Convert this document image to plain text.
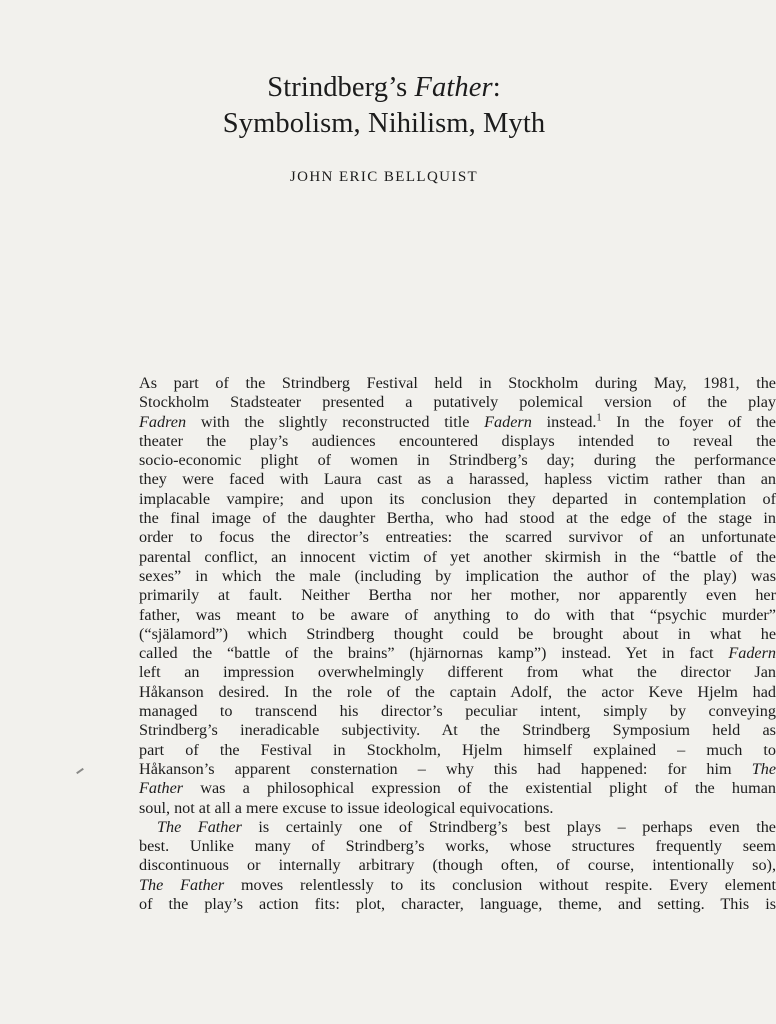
Strindberg’s Father:
Symbolism, Nihilism, Myth

JOHN ERIC BELLQUIST

As part of the Strindberg Festival held in Stockholm during May, 1981, the
Stockholm Stadsteater presented a putatively polemical version of the play
Fadren with the slightly reconstructed title Fadern instead.$^1$ In the foyer of the
theater the play’s audiences encountered displays intended to reveal the
socio-economic plight of women in Strindberg’s day; during the performance
they were faced with Laura cast as a harassed, hapless victim rather than an
implacable vampire; and upon its conclusion they departed in contemplation of
the final image of the daughter Bertha, who had stood at the edge of the stage in
order to focus the director’s entreaties: the scarred survivor of an unfortunate
parental conflict, an innocent victim of yet another skirmish in the “battle of the
sexes” in which the male (including by implication the author of the play) was
primarily at fault. Neither Bertha nor her mother, nor apparently even her
father, was meant to be aware of anything to do with that “psychic murder”
(“själamord”) which Strindberg thought could be brought about in what he
called the “battle of the brains” (hjärnornas kamp”) instead. Yet in fact Fadern
left an impression overwhelmingly different from what the director Jan
Håkanson desired. In the role of the captain Adolf, the actor Keve Hjelm had
managed to transcend his director’s peculiar intent, simply by conveying
Strindberg’s ineradicable subjectivity. At the Strindberg Symposium held as
part of the Festival in Stockholm, Hjelm himself explained – much to
Håkanson’s apparent consternation – why this had happened: for him The
Father was a philosophical expression of the existential plight of the human
soul, not at all a mere excuse to issue ideological equivocations.
The Father is certainly one of Strindberg’s best plays – perhaps even the
best. Unlike many of Strindberg’s works, whose structures frequently seem
discontinuous or internally arbitrary (though often, of course, intentionally so),
The Father moves relentlessly to its conclusion without respite. Every element
of the play’s action fits: plot, character, language, theme, and setting. This is
